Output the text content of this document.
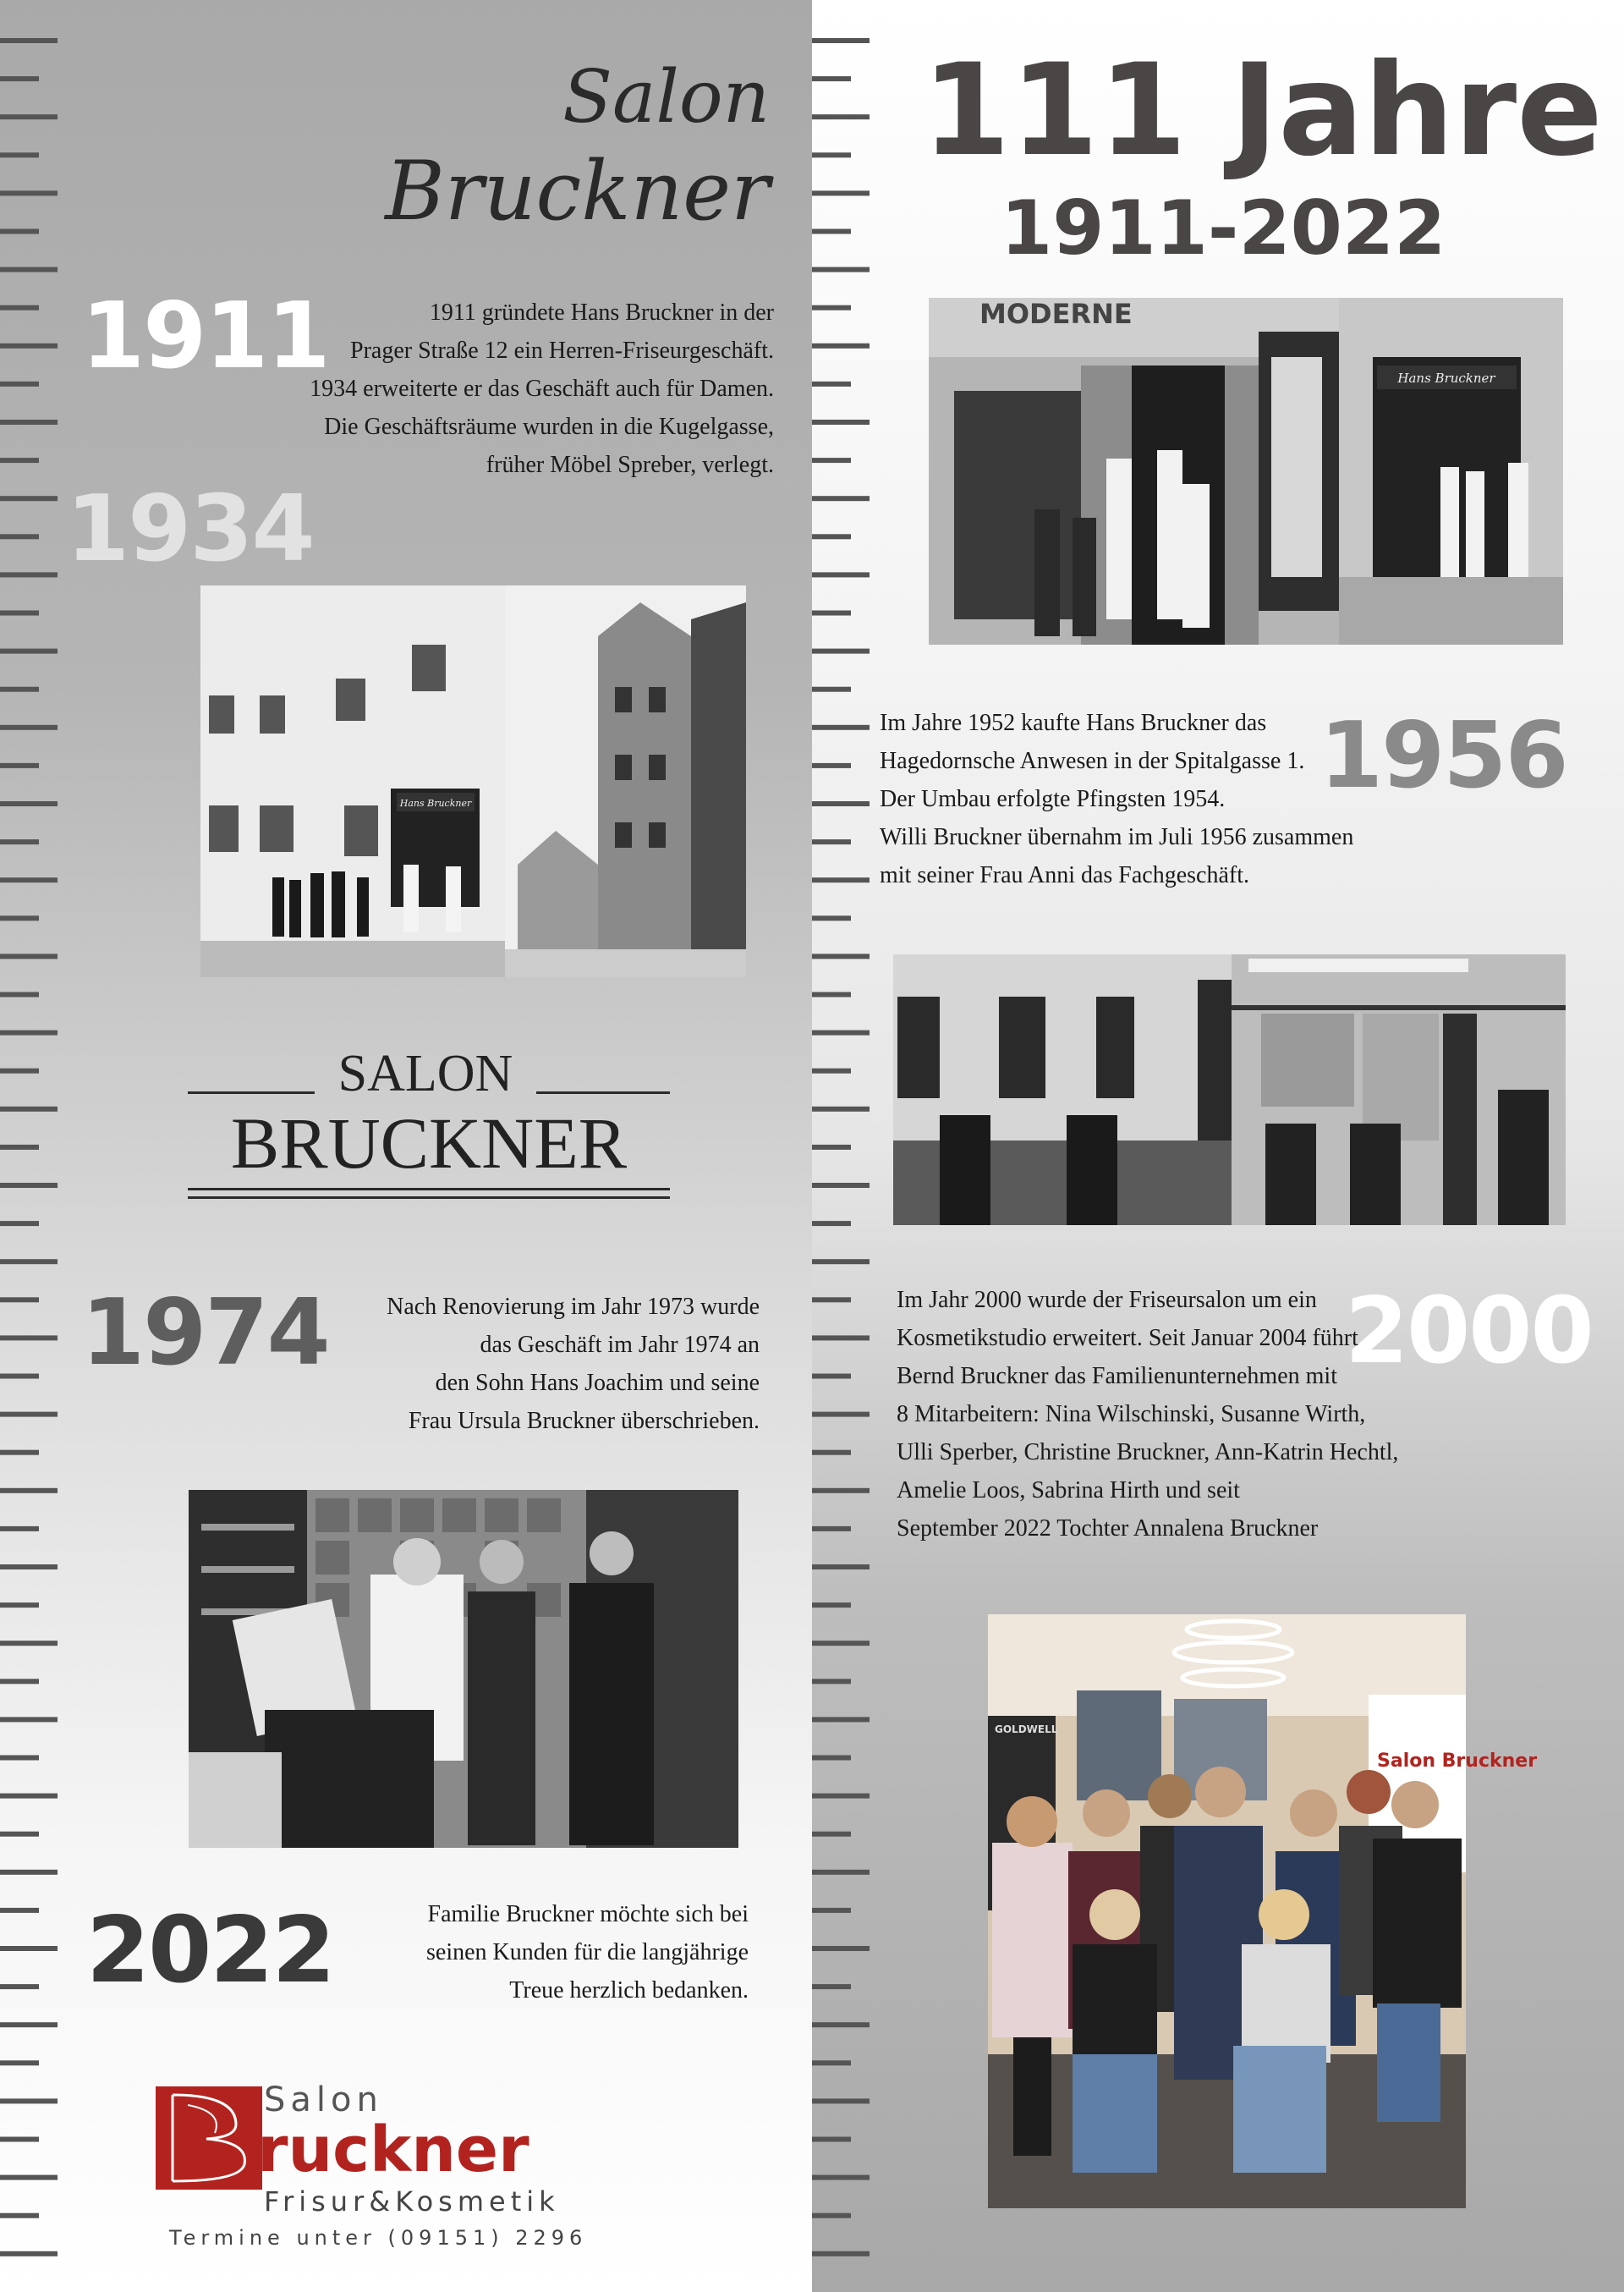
Salon
Bruckner
111 Jahre
1911-2022
1911	1911 gründete Hans Bruckner in der
Prager Straße 12 ein Herren-Friseurgeschäft.
1934 erweiterte er das Geschäft auch für Damen.
Die Geschäftsräume wurden in die Kugelgasse,
früher Möbel Spreber, verlegt.
1934
Hans Bruckner
SALON
BRUCKNER
1974	Nach Renovierung im Jahr 1973 wurde
das Geschäft im Jahr 1974 an
den Sohn Hans Joachim und seine
Frau Ursula Bruckner überschrieben.
2022	Familie Bruckner möchte sich bei
seinen Kunden für die langjährige
Treue herzlich bedanken.
Salon
ruckner
Frisur&Kosmetik
Termine unter (09151) 2296
MODERNE
Hans Bruckner
1956
Im Jahre 1952 kaufte Hans Bruckner das
Hagedornsche Anwesen in der Spitalgasse 1.
Der Umbau erfolgte Pfingsten 1954.
Willi Bruckner übernahm im Juli 1956 zusammen
mit seiner Frau Anni das Fachgeschäft.
2000
Im Jahr 2000 wurde der Friseursalon um ein
Kosmetikstudio erweitert. Seit Januar 2004 führt
Bernd Bruckner das Familienunternehmen mit
8 Mitarbeitern: Nina Wilschinski, Susanne Wirth,
Ulli Sperber, Christine Bruckner, Ann-Katrin Hechtl,
Amelie Loos, Sabrina Hirth und seit
September 2022 Tochter Annalena Bruckner
GOLDWELL
Salon Bruckner
